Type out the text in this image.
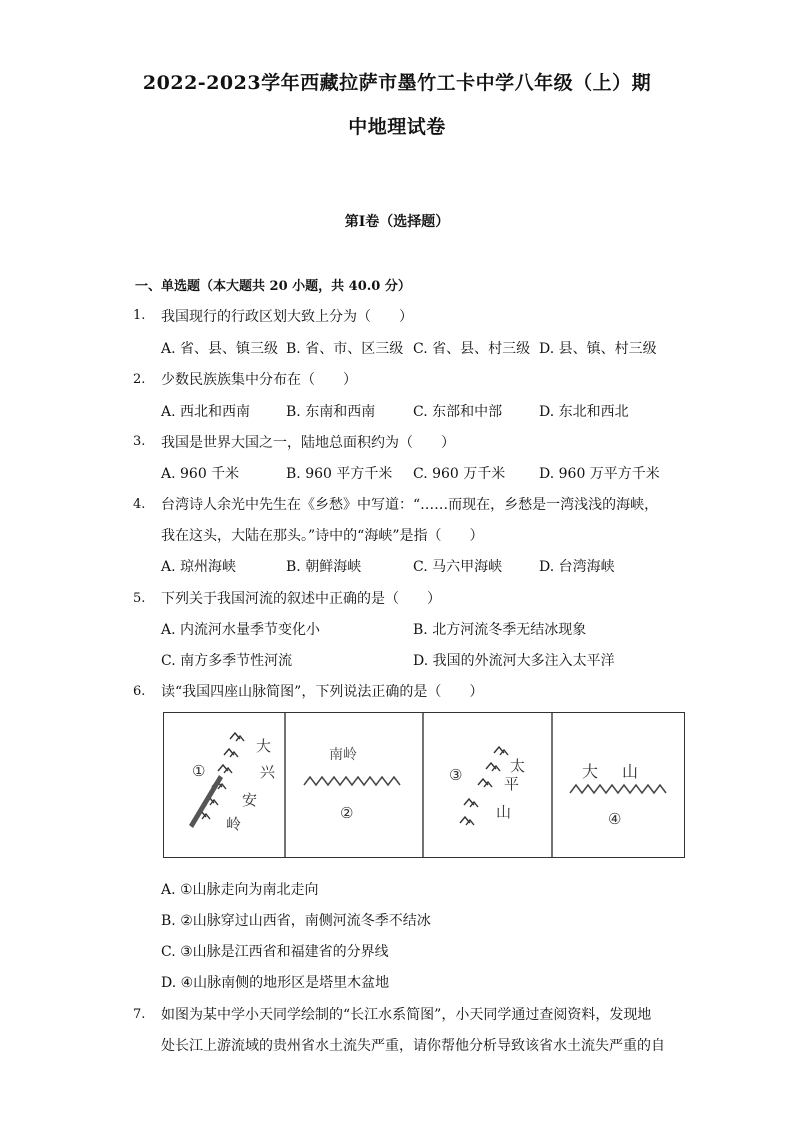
2022-2023学年西藏拉萨市墨竹工卡中学八年级（上）期
中地理试卷
第I卷（选择题）
一、单选题（本大题共 20 小题，共 40.0 分）
1. 我国现行的行政区划大致上分为（　　）
A. 省、县、镇三级 B. 省、市、区三级 C. 省、县、村三级 D. 县、镇、村三级
2. 少数民族族集中分布在（　　）
A. 西北和西南	B. 东南和西南	C. 东部和中部	D. 东北和西北
3. 我国是世界大国之一，陆地总面积约为（　　）
A. 960 千米	B. 960 平方千米 C. 960 万千米 D. 960 万平方千米
4. 台湾诗人余光中先生在《乡愁》中写道：“……而现在，乡愁是一湾浅浅的海峡，
我在这头，大陆在那头。”诗中的“海峡”是指（　　）
A. 琼州海峡	B. 朝鲜海峡	C. 马六甲海峡	D. 台湾海峡
5. 下列关于我国河流的叙述中正确的是（　　）
A. 内流河水量季节变化小	B. 北方河流冬季无结冰现象
C. 南方多季节性河流	D. 我国的外流河大多注入太平洋
6. 读“我国四座山脉简图”，下列说法正确的是（　　）
①
大
兴
安
岭
南岭
②
③	太
平
山
大 山
④
A. ①山脉走向为南北走向
B. ②山脉穿过山西省，南侧河流冬季不结冰
C. ③山脉是江西省和福建省的分界线
D. ④山脉南侧的地形区是塔里木盆地
7. 如图为某中学小天同学绘制的“长江水系简图”，小天同学通过查阅资料，发现地
处长江上游流域的贵州省水土流失严重，请你帮他分析导致该省水土流失严重的自
